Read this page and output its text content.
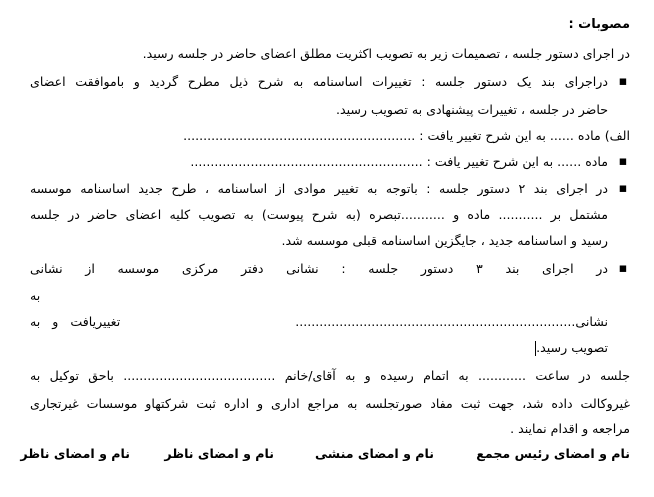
مصوبات :
در اجرای دستور جلسه ، تصمیمات زیر به تصویب اکثریت مطلق اعضای حاضر در جلسه رسید.
▪
دراجرای بند یک دستور جلسه : تغییرات اساسنامه به شرح ذیل مطرح گردید و باموافقت اعضای
حاضر در جلسه ، تغییرات پیشنهادی به تصویب رسید.
الف) ماده ...... به این شرح تغییر یافت : ..........................................................
▪
ماده ...... به این شرح تغییر یافت : ..........................................................
▪
در اجرای بند ۲ دستور جلسه : باتوجه به تغییر موادی از اساسنامه ، طرح جدید اساسنامه موسسه
مشتمل بر ........... ماده و ...........تبصره (به شرح پیوست) به تصویب کلیه اعضای حاضر در جلسه
رسید و اساسنامه جدید ، جایگزین اساسنامه قبلی موسسه شد.
▪
در اجرای بند ۳ دستور جلسه : نشانی دفتر مرکزی موسسه از نشانی
به
نشانی......................................................................
تغییریافت و به
تصویب رسید.
جلسه در ساعت ............ به اتمام رسیده و به آقای/خانم ...................................... باحق توکیل به
غیروکالت داده شد، جهت ثبت مفاد صورتجلسه به مراجع اداری و اداره ثبت شرکتهاو موسسات غیرتجاری
مراجعه و اقدام نمایند .
نام و امضای رئیس مجمع
نام و امضای منشی
نام و امضای ناظر
نام و امضای ناظر
